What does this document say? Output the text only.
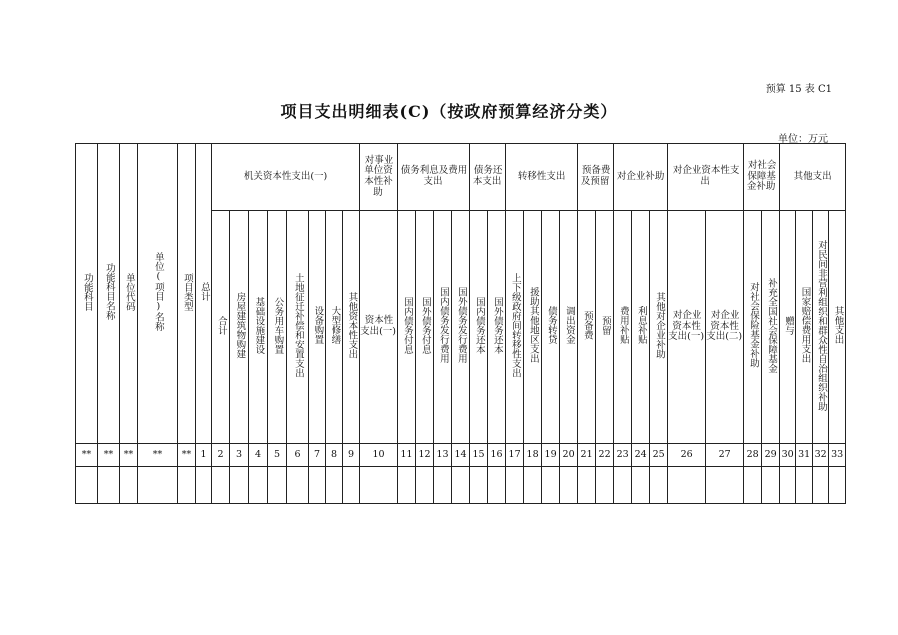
预算 15 表 C1
项目支出明细表(C)（按政府预算经济分类）
单位：万元
功能科目	功能科目名称	单位代码	单位(项目)名称	项目类型	总计	机关资本性支出(一)								对事业单位资本性补助	债务利息及费用支出				债务还本支出		转移性支出				预备费及预留		对企业补助			对企业资本性支出		对社会保障基金补助		其他支出			
						合计	房屋建筑物购建	基础设施建设	公务用车购置	土地征迁补偿和安置支出	设备购置	大型修缮	其他资本性支出	资本性支出(一)	国内债务付息	国外债务付息	国内债务发行费用	国外债务发行费用	国内债务还本	国外债务还本	上下级政府间转移性支出	援助其他地区支出	债务转贷	调出资金	预备费	预留	费用补贴	利息补贴	其他对企业补助	对企业资本性支出(一)	对企业资本性支出(二)	对社会保险基金补助	补充全国社会保障基金	赠与	国家赔偿费用支出	对民间非营利组织和群众性自治组织补助	其他支出
**	**	**	**	**	1	2	3	4	5	6	7	8	9	10	11	12	13	14	15	16	17	18	19	20	21	22	23	24	25	26	27	28	29	30	31	32	33
